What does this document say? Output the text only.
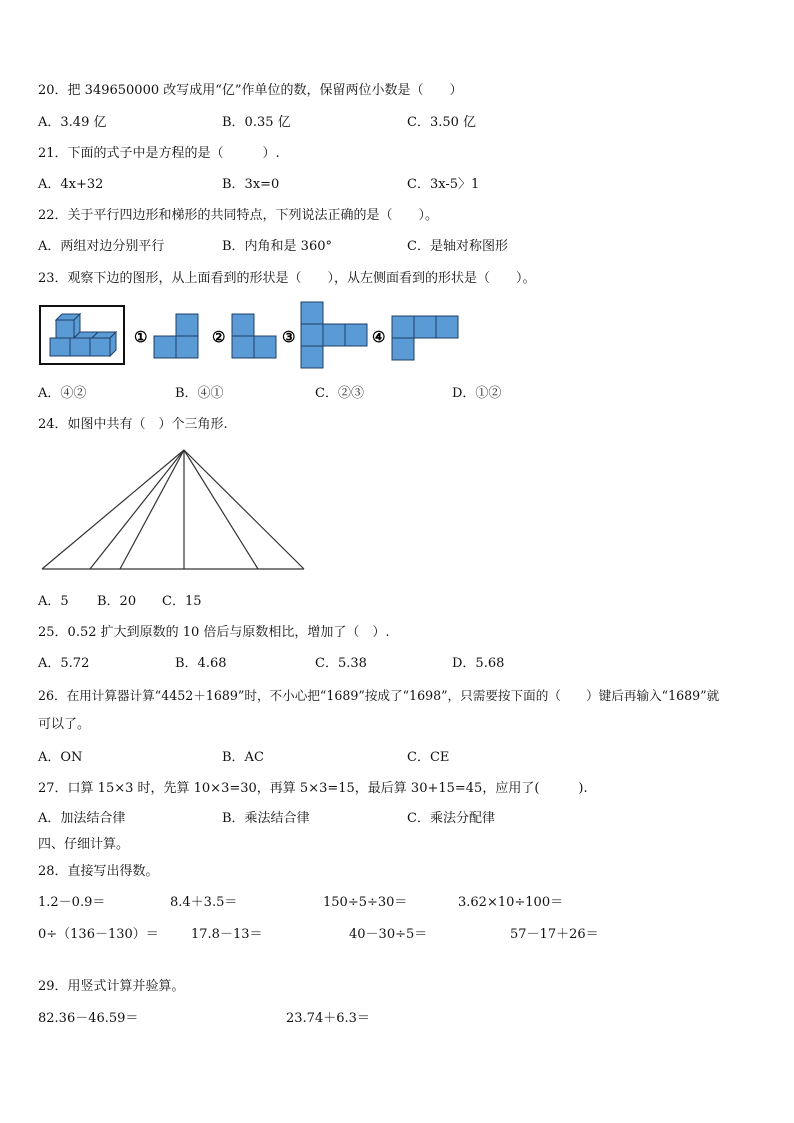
20．把 349650000 改写成用“亿”作单位的数，保留两位小数是（　　）
A．3.49 亿	B．0.35 亿	C．3.50 亿
21．下面的式子中是方程的是（　　　）.
A．4x+32	B．3x=0	C．3x-5〉1
22．关于平行四边形和梯形的共同特点，下列说法正确的是（　　）。
A．两组对边分别平行	B．内角和是 360°	C．是轴对称图形
23．观察下边的图形，从上面看到的形状是（　　），从左侧面看到的形状是（　　）。
①	②	③	④
A．④②	B．④①	C．②③	D．①②
24．如图中共有（　）个三角形.
A．5 B．20 C．15
25．0.52 扩大到原数的 10 倍后与原数相比，增加了（　）.
A．5.72	B．4.68	C．5.38	D．5.68
26．在用计算器计算“4452＋1689”时，不小心把“1689”按成了“1698”，只需要按下面的（　　）键后再输入“1689”就
可以了。
A．ON	B．AC	C．CE
27．口算 15×3 时，先算 10×3=30，再算 5×3=15，最后算 30+15=45，应用了(　　　).
A．加法结合律	B．乘法结合律	C．乘法分配律
四、仔细计算。
28．直接写出得数。
1.2－0.9＝	8.4＋3.5＝	150÷5÷30＝	3.62×10÷100＝
0÷（136－130）＝ 17.8－13＝	40－30÷5＝	57－17＋26＝
29．用竖式计算并验算。
82.36－46.59＝	23.74＋6.3＝
